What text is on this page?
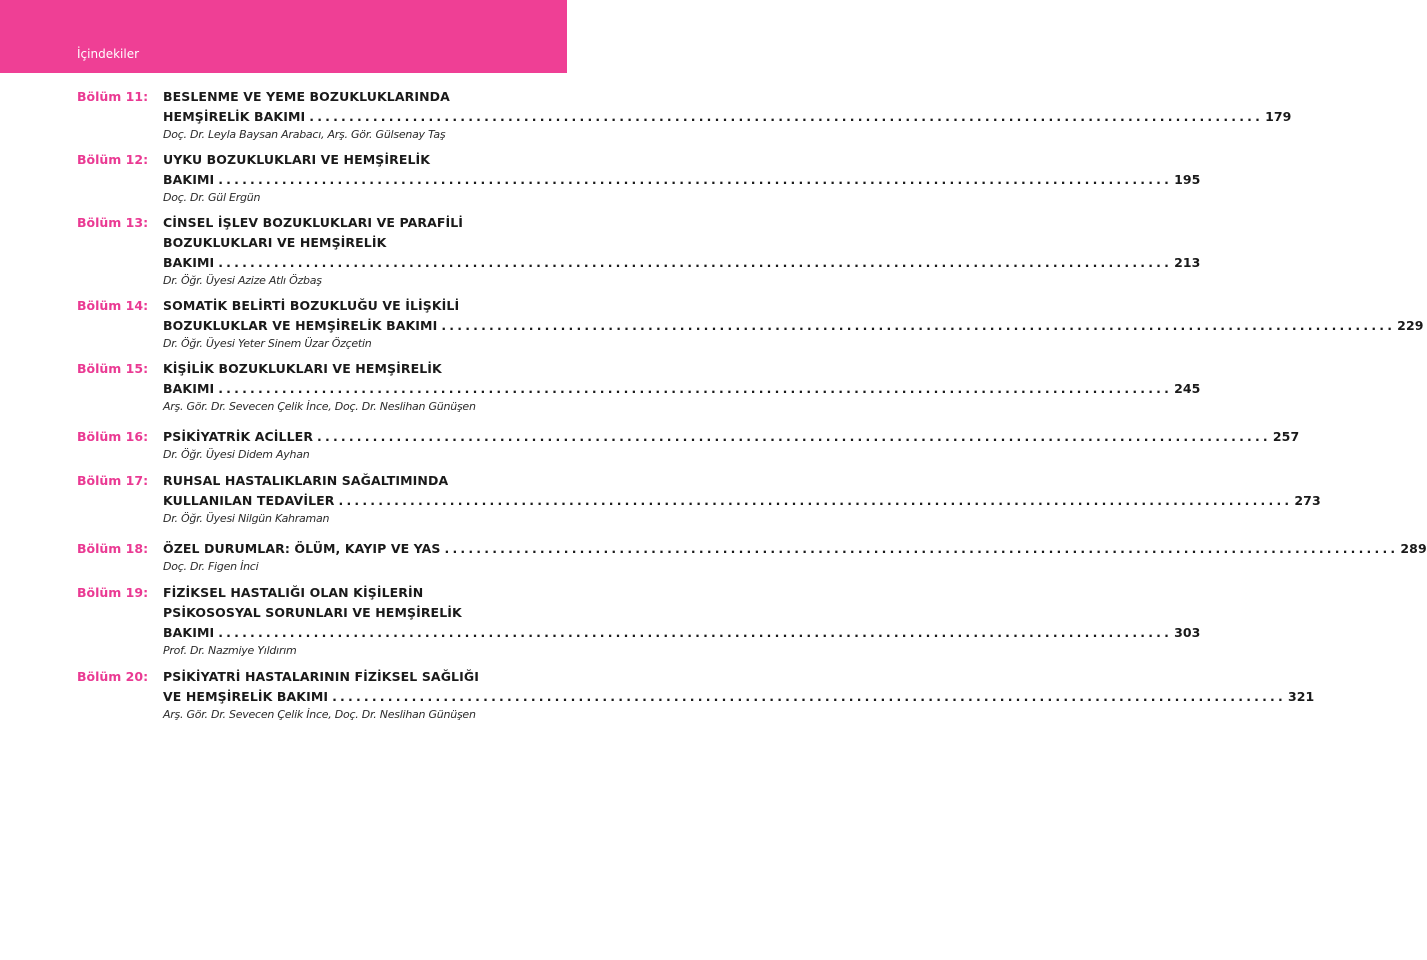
İçindekiler
Bölüm 11: BESLENME VE YEME BOZUKLUKLARINDA
HEMŞİRELİK BAKIMI ........................................................................................................................ 179
Doç. Dr. Leyla Baysan Arabacı, Arş. Gör. Gülsenay Taş
Bölüm 12: UYKU BOZUKLUKLARI VE HEMŞİRELİK
BAKIMI ........................................................................................................................ 195
Doç. Dr. Gül Ergün
Bölüm 13: CİNSEL İŞLEV BOZUKLUKLARI VE PARAFİLİ
BOZUKLUKLARI VE HEMŞİRELİK
BAKIMI ........................................................................................................................ 213
Dr. Öğr. Üyesi Azize Atlı Özbaş
Bölüm 14: SOMATİK BELİRTİ BOZUKLUĞU VE İLİŞKİLİ
BOZUKLUKLAR VE HEMŞİRELİK BAKIMI ........................................................................................................................ 229
Dr. Öğr. Üyesi Yeter Sinem Üzar Özçetin
Bölüm 15: KİŞİLİK BOZUKLUKLARI VE HEMŞİRELİK
BAKIMI ........................................................................................................................ 245
Arş. Gör. Dr. Sevecen Çelik İnce, Doç. Dr. Neslihan Günüşen
Bölüm 16: PSİKİYATRİK ACİLLER ........................................................................................................................ 257
Dr. Öğr. Üyesi Didem Ayhan
Bölüm 17: RUHSAL HASTALIKLARIN SAĞALTIMINDA
KULLANILAN TEDAVİLER ........................................................................................................................ 273
Dr. Öğr. Üyesi Nilgün Kahraman
Bölüm 18: ÖZEL DURUMLAR: ÖLÜM, KAYIP VE YAS ........................................................................................................................ 289
Doç. Dr. Figen İnci
Bölüm 19: FİZİKSEL HASTALIĞI OLAN KİŞİLERİN
PSİKOSOSYAL SORUNLARI VE HEMŞİRELİK
BAKIMI ........................................................................................................................ 303
Prof. Dr. Nazmiye Yıldırım
Bölüm 20: PSİKİYATRİ HASTALARININ FİZİKSEL SAĞLIĞI
VE HEMŞİRELİK BAKIMI ........................................................................................................................ 321
Arş. Gör. Dr. Sevecen Çelik İnce, Doç. Dr. Neslihan Günüşen
